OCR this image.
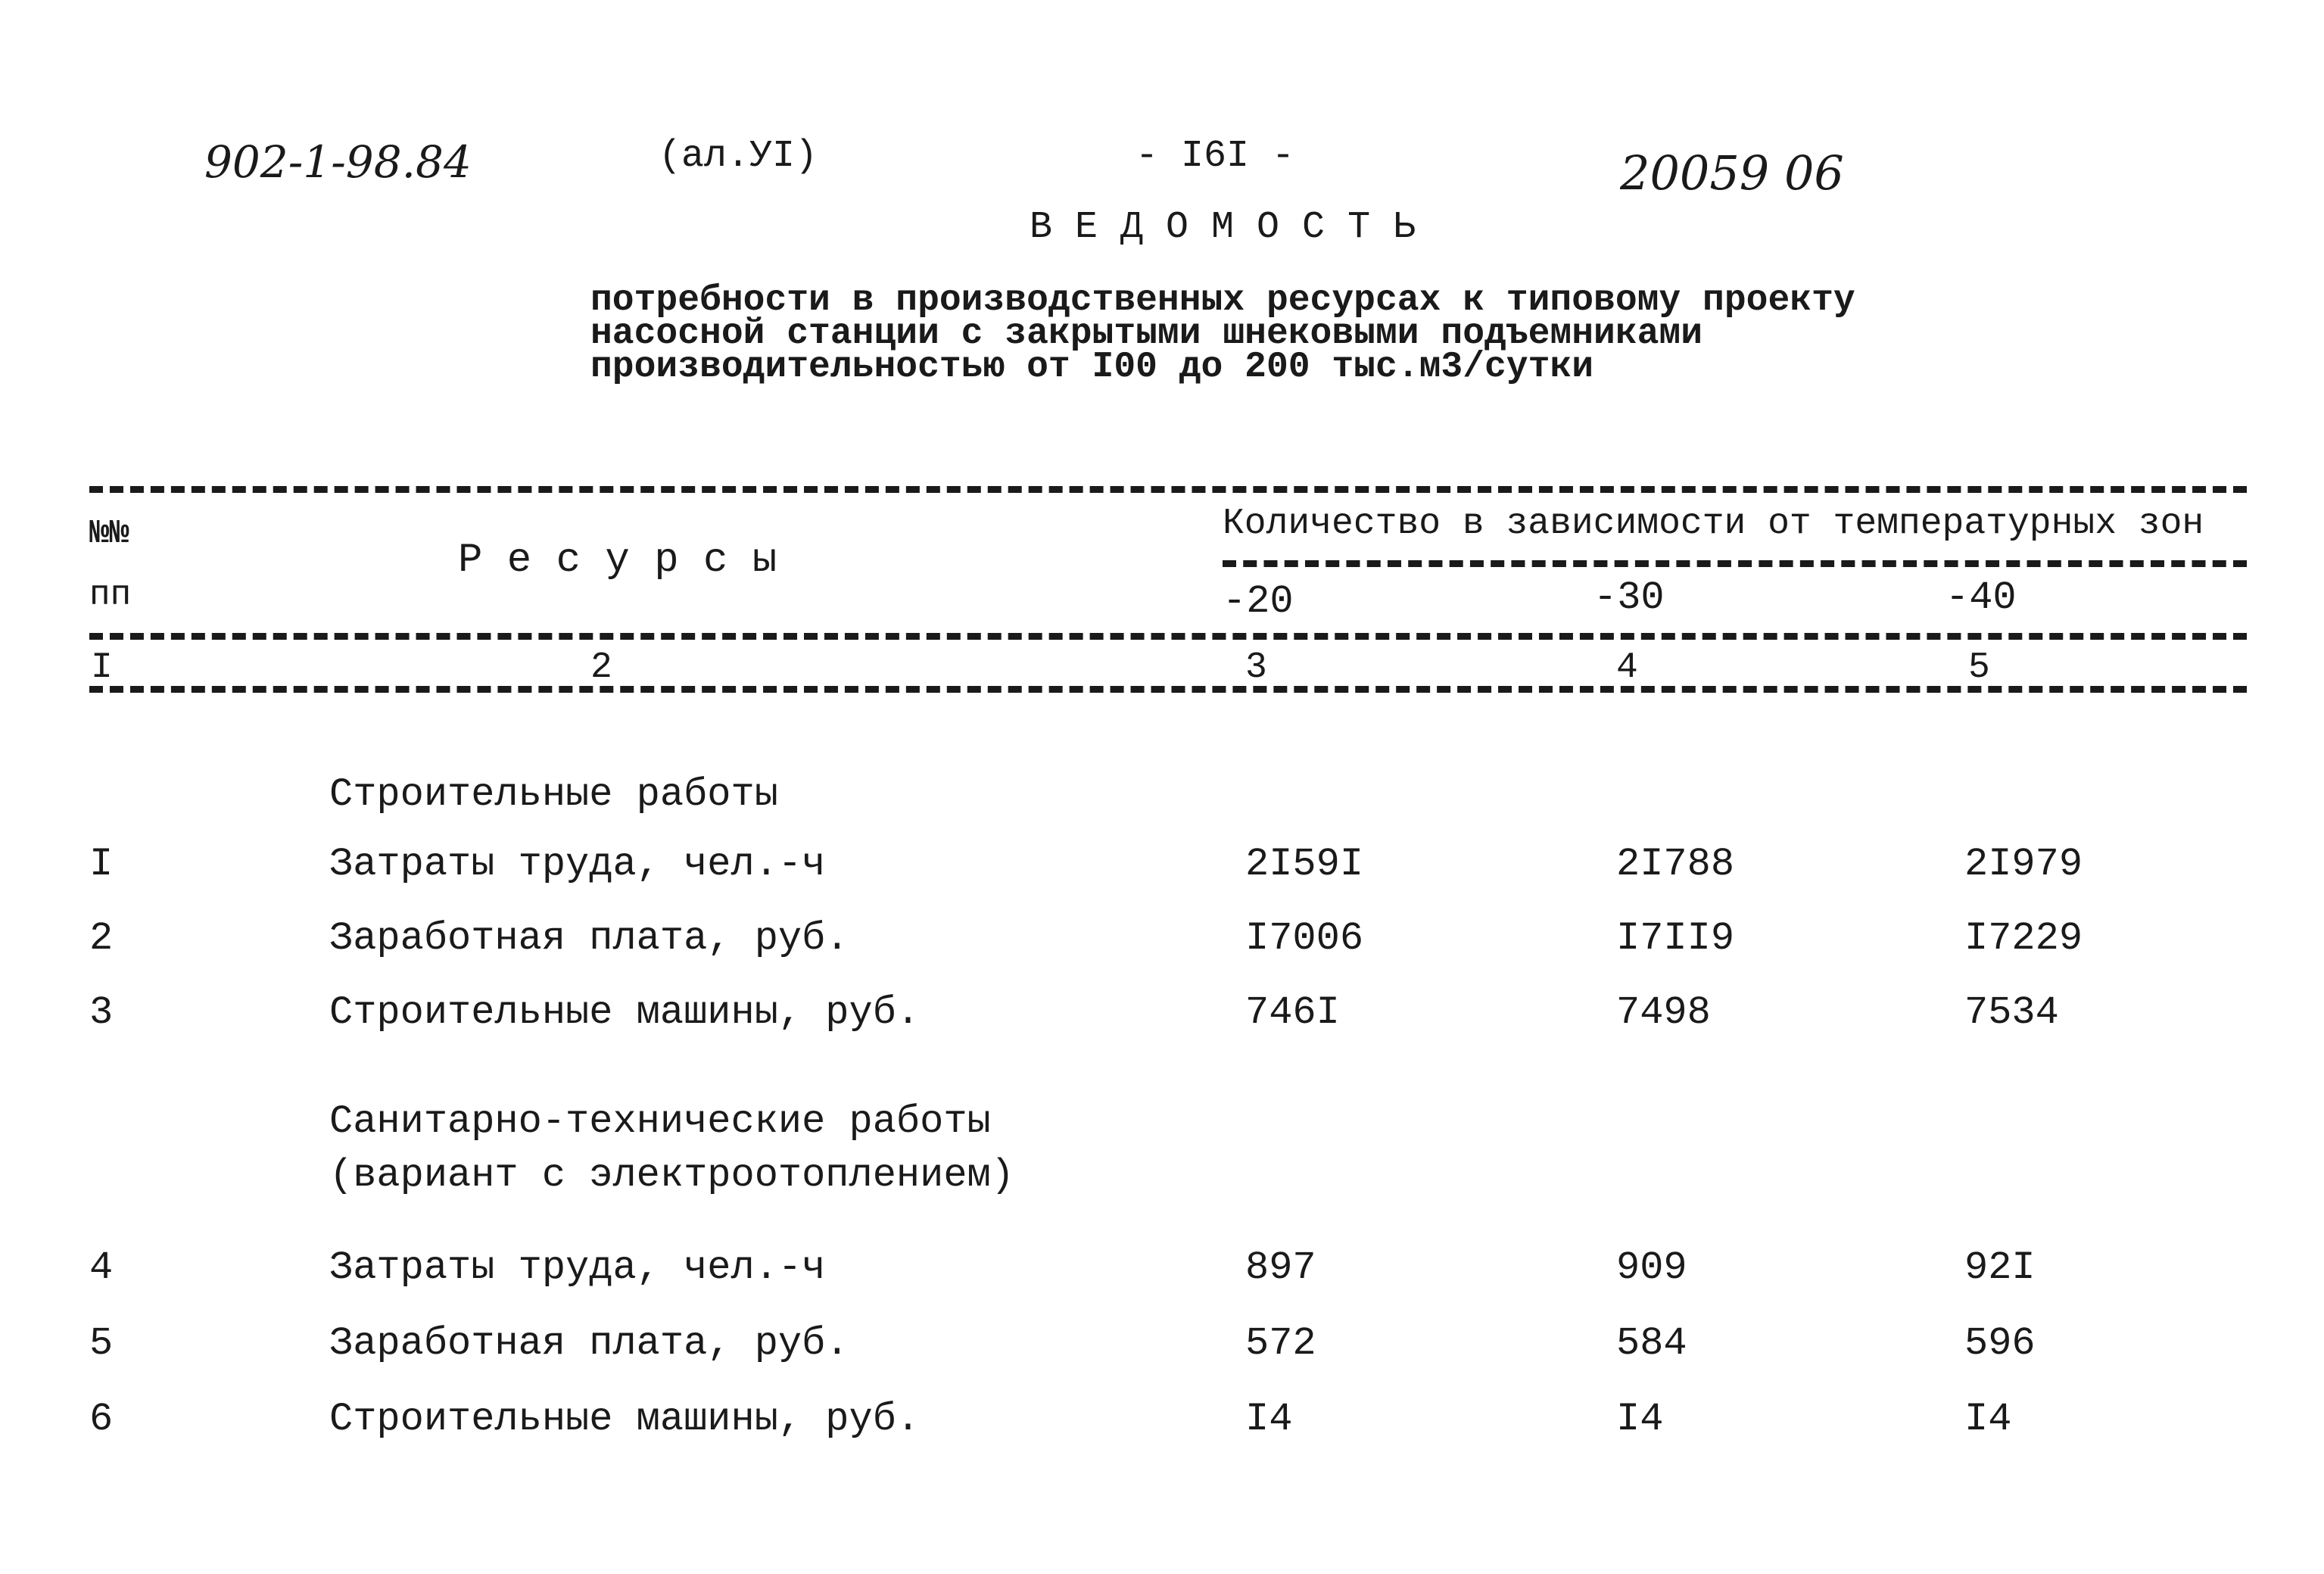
902-1-98.84	(ал.УI)	- I6I -	20059 06
В Е Д О М О С Т Ь
потребности в производственных ресурсах к типовому проекту
насосной станции с закрытыми шнековыми подъемниками
производительностью от I00 до 200 тыс.м3/сутки
№№
пп
Р е с у р с ы
Количество в зависимости от температурных зон
-20	-30	-40
I	2	3	4	5
Строительные работы
I	Затраты труда, чел.-ч	2I59I	2I788	2I979
2	Заработная плата, руб.	I7006	I7II9	I7229
3	Строительные машины, руб.	746I	7498	7534
Санитарно-технические работы
(вариант с электроотоплением)
4	Затраты труда, чел.-ч	897	909	92I
5	Заработная плата, руб.	572	584	596
6	Строительные машины, руб.	I4	I4	I4
